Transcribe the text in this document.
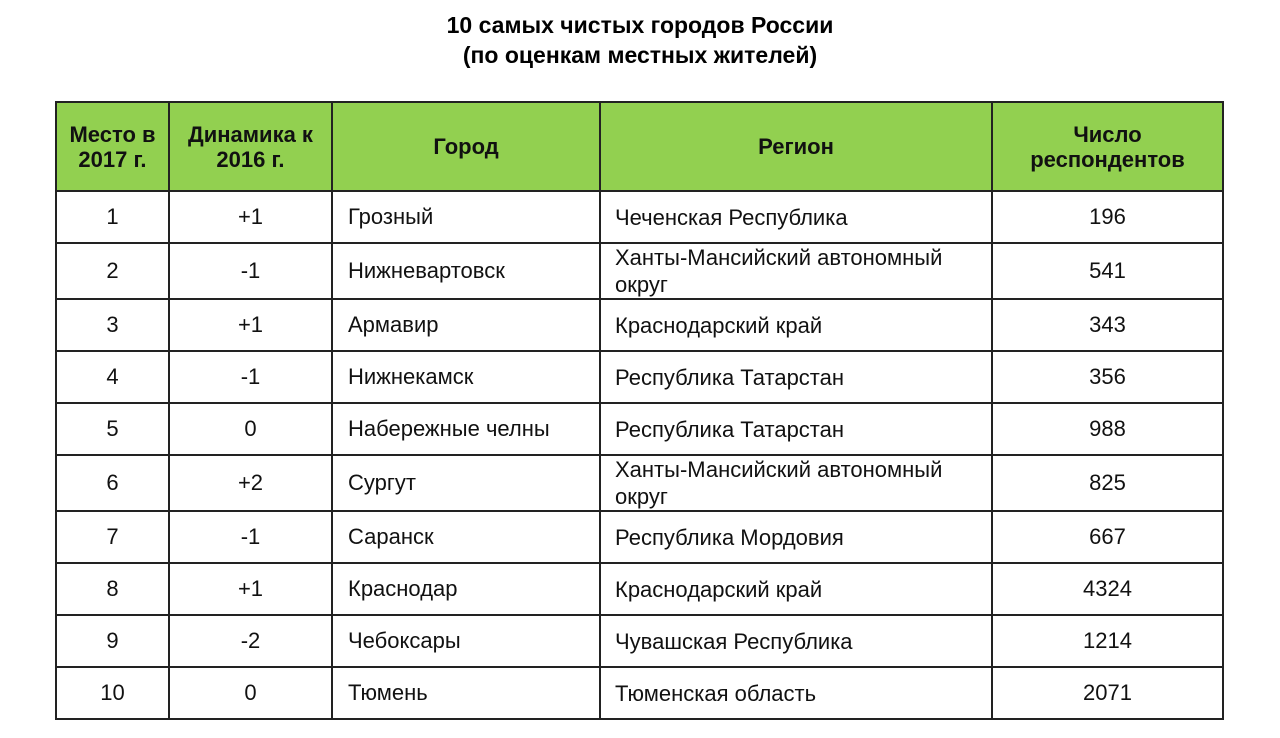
10 самых чистых городов России
(по оценкам местных жителей)
Место в 2017 г.	Динамика к 2016 г.	Город	Регион	Число респондентов
1	+1	Грозный	Чеченская Республика	196
2	-1	Нижневартовск	Ханты-Мансийский автономный округ	541
3	+1	Армавир	Краснодарский край	343
4	-1	Нижнекамск	Республика Татарстан	356
5	0	Набережные челны	Республика Татарстан	988
6	+2	Сургут	Ханты-Мансийский автономный округ	825
7	-1	Саранск	Республика Мордовия	667
8	+1	Краснодар	Краснодарский край	4324
9	-2	Чебоксары	Чувашская Республика	1214
10	0	Тюмень	Тюменская область	2071
